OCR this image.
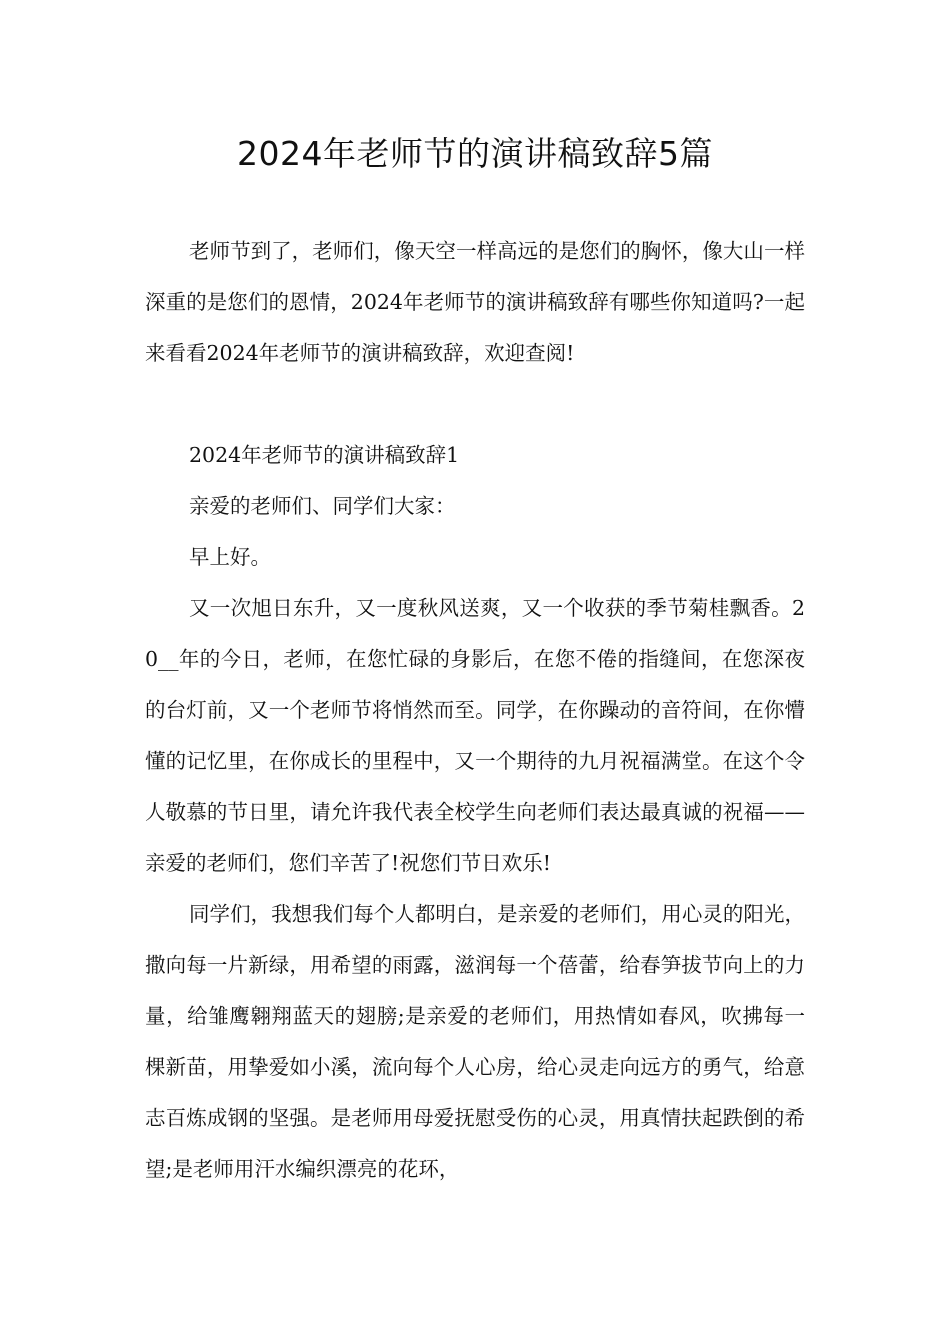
2024年老师节的演讲稿致辞5篇

老师节到了，老师们，像天空一样高远的是您们的胸怀，像大山一样深重的是您们的恩情，2024年老师节的演讲稿致辞有哪些你知道吗?一起来看看2024年老师节的演讲稿致辞，欢迎查阅!

2024年老师节的演讲稿致辞1

亲爱的老师们、同学们大家：

早上好。

又一次旭日东升，又一度秋风送爽，又一个收获的季节菊桂飘香。20__年的今日，老师，在您忙碌的身影后，在您不倦的指缝间，在您深夜的台灯前，又一个老师节将悄然而至。同学，在你躁动的音符间，在你懵懂的记忆里，在你成长的里程中，又一个期待的九月祝福满堂。在这个令人敬慕的节日里，请允许我代表全校学生向老师们表达最真诚的祝福——亲爱的老师们，您们辛苦了!祝您们节日欢乐!

同学们，我想我们每个人都明白，是亲爱的老师们，用心灵的阳光，撒向每一片新绿，用希望的雨露，滋润每一个蓓蕾，给春笋拔节向上的力量，给雏鹰翱翔蓝天的翅膀;是亲爱的老师们，用热情如春风，吹拂每一棵新苗，用挚爱如小溪，流向每个人心房，给心灵走向远方的勇气，给意志百炼成钢的坚强。是老师用母爱抚慰受伤的心灵，用真情扶起跌倒的希望;是老师用汗水编织漂亮的花环，
